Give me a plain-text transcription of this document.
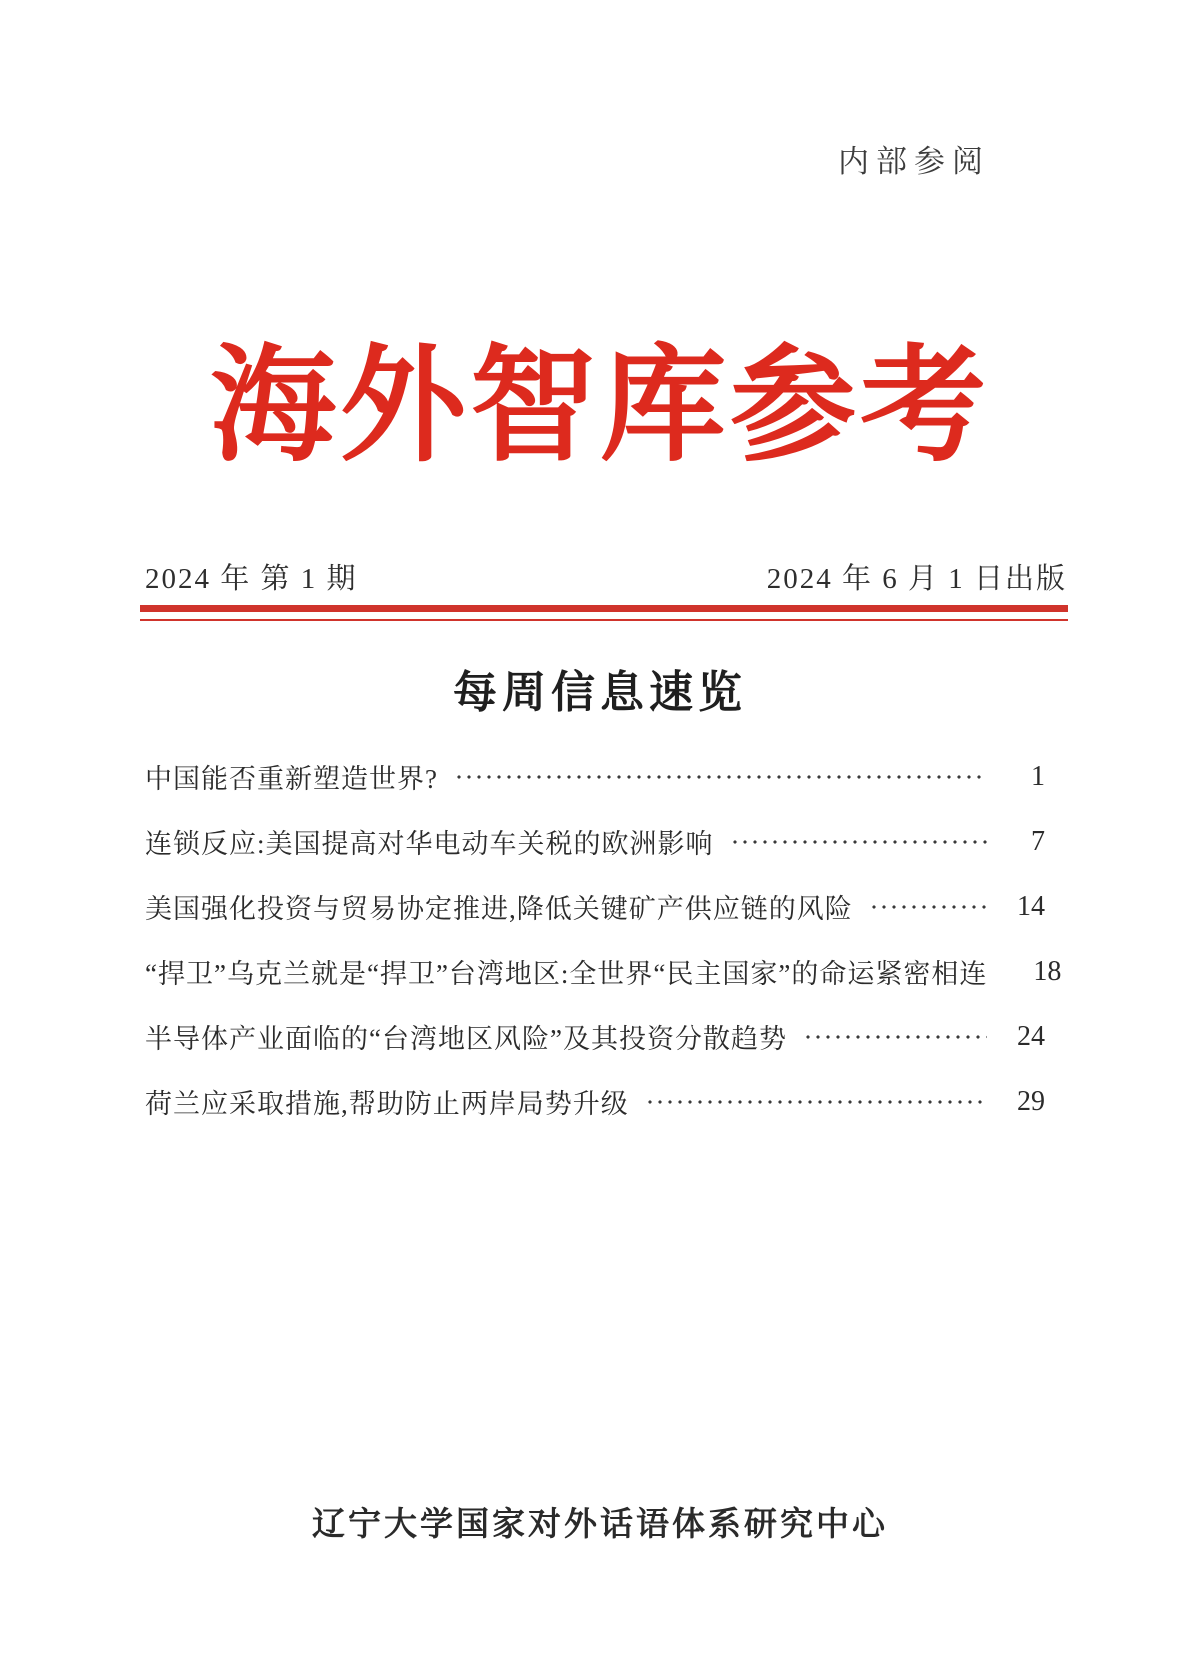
内部参阅
海外智库参考
2024 年 第 1 期	2024 年 6 月 1 日出版
每周信息速览
中国能否重新塑造世界?	1
连锁反应:美国提高对华电动车关税的欧洲影响	7
美国强化投资与贸易协定推进,降低关键矿产供应链的风险	14
“捍卫”乌克兰就是“捍卫”台湾地区:全世界“民主国家”的命运紧密相连	18
半导体产业面临的“台湾地区风险”及其投资分散趋势	24
荷兰应采取措施,帮助防止两岸局势升级	29
辽宁大学国家对外话语体系研究中心
